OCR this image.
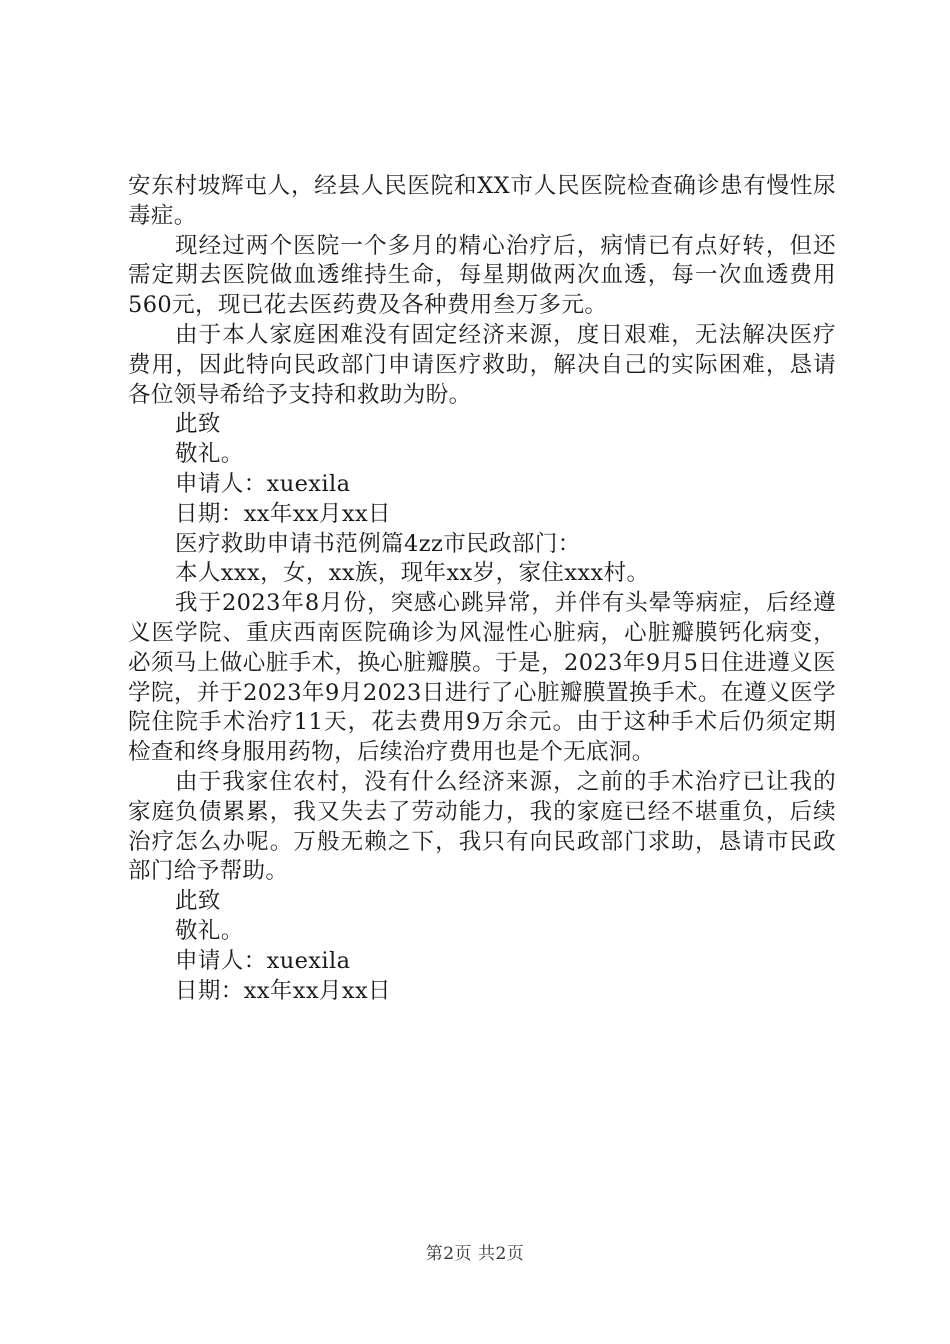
安东村坡辉屯人，经县人民医院和XX市人民医院检查确诊患有慢性尿毒症。

现经过两个医院一个多月的精心治疗后，病情已有点好转，但还需定期去医院做血透维持生命，每星期做两次血透，每一次血透费用560元，现已花去医药费及各种费用叁万多元。

由于本人家庭困难没有固定经济来源，度日艰难，无法解决医疗费用，因此特向民政部门申请医疗救助，解决自己的实际困难，恳请各位领导希给予支持和救助为盼。

此致

敬礼。

申请人：xuexila

日期：xx年xx月xx日

医疗救助申请书范例篇4zz市民政部门：

本人xxx，女，xx族，现年xx岁，家住xxx村。

我于2023年8月份，突感心跳异常，并伴有头晕等病症，后经遵义医学院、重庆西南医院确诊为风湿性心脏病，心脏瓣膜钙化病变，必须马上做心脏手术，换心脏瓣膜。于是，2023年9月5日住进遵义医学院，并于2023年9月2023日进行了心脏瓣膜置换手术。在遵义医学院住院手术治疗11天，花去费用9万余元。由于这种手术后仍须定期检查和终身服用药物，后续治疗费用也是个无底洞。

由于我家住农村，没有什么经济来源，之前的手术治疗已让我的家庭负债累累，我又失去了劳动能力，我的家庭已经不堪重负，后续治疗怎么办呢。万般无赖之下，我只有向民政部门求助，恳请市民政部门给予帮助。

此致

敬礼。

申请人：xuexila

日期：xx年xx月xx日

第2页 共2页
